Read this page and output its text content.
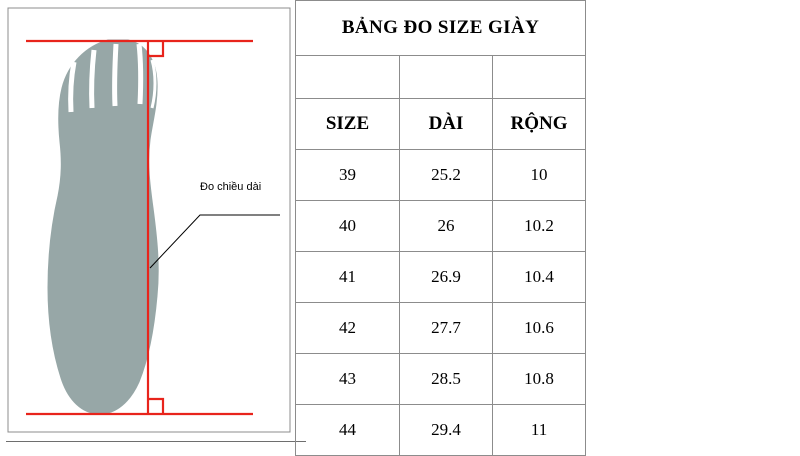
Đo chiều dài
BẢNG ĐO SIZE GIÀY		

SIZE	DÀI	RỘNG
39	25.2	10
40	26	10.2
41	26.9	10.4
42	27.7	10.6
43	28.5	10.8
44	29.4	11
